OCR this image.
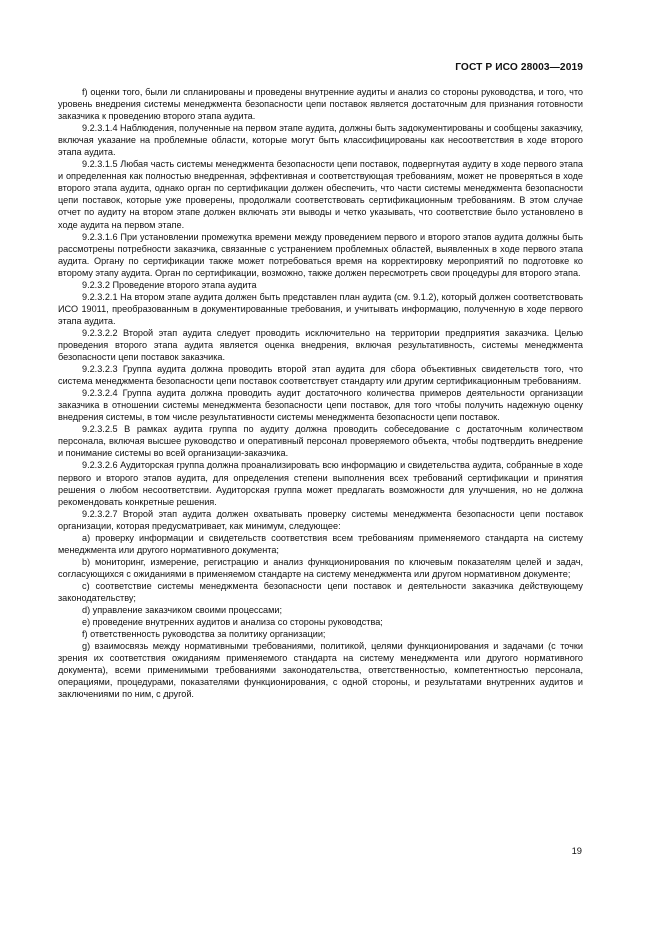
ГОСТ Р ИСО 28003—2019

f) оценки того, были ли спланированы и проведены внутренние аудиты и анализ со стороны руководства, и того, что уровень внедрения системы менеджмента безопасности цепи поставок является достаточным для признания готовности заказчика к проведению второго этапа аудита.

9.2.3.1.4 Наблюдения, полученные на первом этапе аудита, должны быть задокументированы и сообщены заказчику, включая указание на проблемные области, которые могут быть классифицированы как несоответствия в ходе второго этапа аудита.

9.2.3.1.5 Любая часть системы менеджмента безопасности цепи поставок, подвергнутая аудиту в ходе первого этапа и определенная как полностью внедренная, эффективная и соответствующая требованиям, может не проверяться в ходе второго этапа аудита, однако орган по сертификации должен обеспечить, что части системы менеджмента безопасности цепи поставок, которые уже проверены, продолжали соответствовать сертификационным требованиям. В этом случае отчет по аудиту на втором этапе должен включать эти выводы и четко указывать, что соответствие было установлено в ходе аудита на первом этапе.

9.2.3.1.6 При установлении промежутка времени между проведением первого и второго этапов аудита должны быть рассмотрены потребности заказчика, связанные с устранением проблемных областей, выявленных в ходе первого этапа аудита. Органу по сертификации также может потребоваться время на корректировку мероприятий по подготовке ко второму этапу аудита. Орган по сертификации, возможно, также должен пересмотреть свои процедуры для второго этапа.

9.2.3.2 Проведение второго этапа аудита

9.2.3.2.1 На втором этапе аудита должен быть представлен план аудита (см. 9.1.2), который должен соответствовать ИСО 19011, преобразованным в документированные требования, и учитывать информацию, полученную в ходе первого этапа аудита.

9.2.3.2.2 Второй этап аудита следует проводить исключительно на территории предприятия заказчика. Целью проведения второго этапа аудита является оценка внедрения, включая результативность, системы менеджмента безопасности цепи поставок заказчика.

9.2.3.2.3 Группа аудита должна проводить второй этап аудита для сбора объективных свидетельств того, что система менеджмента безопасности цепи поставок соответствует стандарту или другим сертификационным требованиям.

9.2.3.2.4 Группа аудита должна проводить аудит достаточного количества примеров деятельности организации заказчика в отношении системы менеджмента безопасности цепи поставок, для того чтобы получить надежную оценку внедрения системы, в том числе результативности системы менеджмента безопасности цепи поставок.

9.2.3.2.5 В рамках аудита группа по аудиту должна проводить собеседование с достаточным количеством персонала, включая высшее руководство и оперативный персонал проверяемого объекта, чтобы подтвердить внедрение и понимание системы во всей организации-заказчика.

9.2.3.2.6 Аудиторская группа должна проанализировать всю информацию и свидетельства аудита, собранные в ходе первого и второго этапов аудита, для определения степени выполнения всех требований сертификации и принятия решения о любом несоответствии. Аудиторская группа может предлагать возможности для улучшения, но не должна рекомендовать конкретные решения.

9.2.3.2.7 Второй этап аудита должен охватывать проверку системы менеджмента безопасности цепи поставок организации, которая предусматривает, как минимум, следующее:

a) проверку информации и свидетельств соответствия всем требованиям применяемого стандарта на систему менеджмента или другого нормативного документа;

b) мониторинг, измерение, регистрацию и анализ функционирования по ключевым показателям целей и задач, согласующихся с ожиданиями в применяемом стандарте на систему менеджмента или другом нормативном документе;

c) соответствие системы менеджмента безопасности цепи поставок и деятельности заказчика действующему законодательству;

d) управление заказчиком своими процессами;

e) проведение внутренних аудитов и анализа со стороны руководства;

f) ответственность руководства за политику организации;

g) взаимосвязь между нормативными требованиями, политикой, целями функционирования и задачами (с точки зрения их соответствия ожиданиям применяемого стандарта на систему менеджмента или другого нормативного документа), всеми применимыми требованиями законодательства, ответственностью, компетентностью персонала, операциями, процедурами, показателями функционирования, с одной стороны, и результатами внутренних аудитов и заключениями по ним, с другой.

19
